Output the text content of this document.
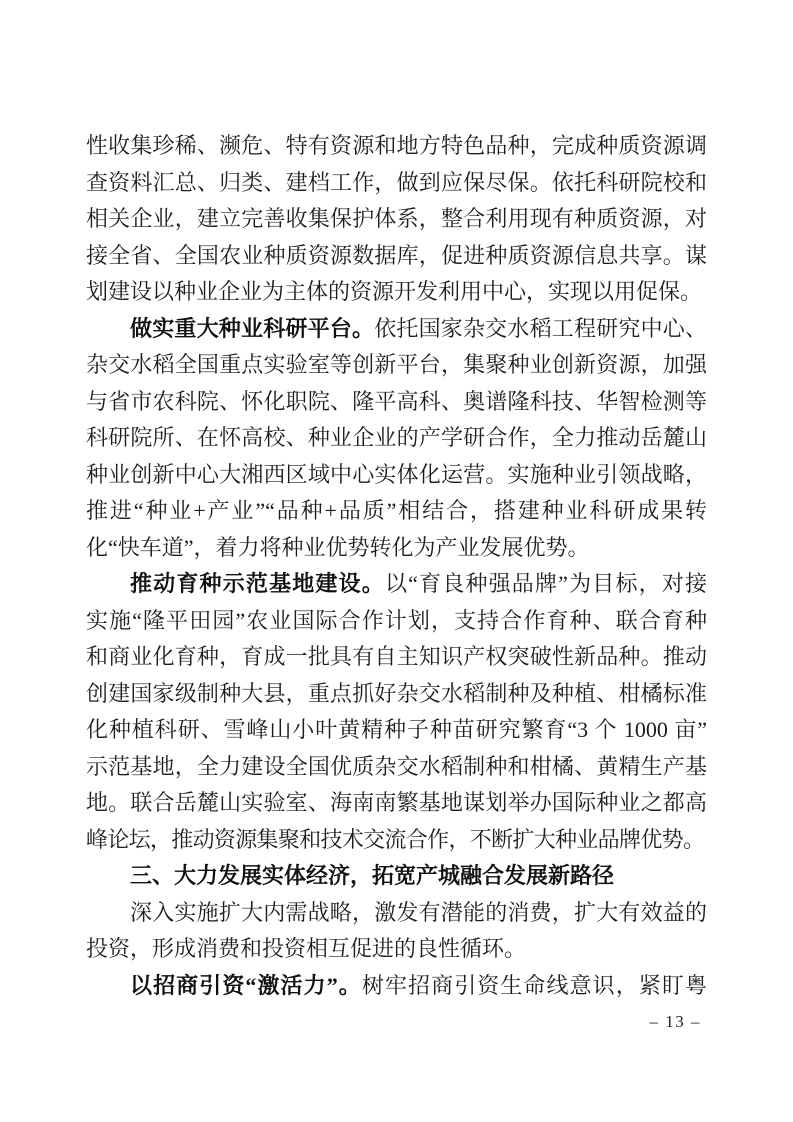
性收集珍稀、濒危、特有资源和地方特色品种，完成种质资源调
查资料汇总、归类、建档工作，做到应保尽保。依托科研院校和
相关企业，建立完善收集保护体系，整合利用现有种质资源，对
接全省、全国农业种质资源数据库，促进种质资源信息共享。谋
划建设以种业企业为主体的资源开发利用中心，实现以用促保。
做实重大种业科研平台。依托国家杂交水稻工程研究中心、
杂交水稻全国重点实验室等创新平台，集聚种业创新资源，加强
与省市农科院、怀化职院、隆平高科、奥谱隆科技、华智检测等
科研院所、在怀高校、种业企业的产学研合作，全力推动岳麓山
种业创新中心大湘西区域中心实体化运营。实施种业引领战略，
推进“种业+产业”“品种+品质”相结合，搭建种业科研成果转
化“快车道”，着力将种业优势转化为产业发展优势。
推动育种示范基地建设。以“育良种强品牌”为目标，对接
实施“隆平田园”农业国际合作计划，支持合作育种、联合育种
和商业化育种，育成一批具有自主知识产权突破性新品种。推动
创建国家级制种大县，重点抓好杂交水稻制种及种植、柑橘标准
化种植科研、雪峰山小叶黄精种子种苗研究繁育“3 个 1000 亩”
示范基地，全力建设全国优质杂交水稻制种和柑橘、黄精生产基
地。联合岳麓山实验室、海南南繁基地谋划举办国际种业之都高
峰论坛，推动资源集聚和技术交流合作，不断扩大种业品牌优势。
三、大力发展实体经济，拓宽产城融合发展新路径
深入实施扩大内需战略，激发有潜能的消费，扩大有效益的
投资，形成消费和投资相互促进的良性循环。
以招商引资“激活力”。树牢招商引资生命线意识，紧盯粤
– 13 –
